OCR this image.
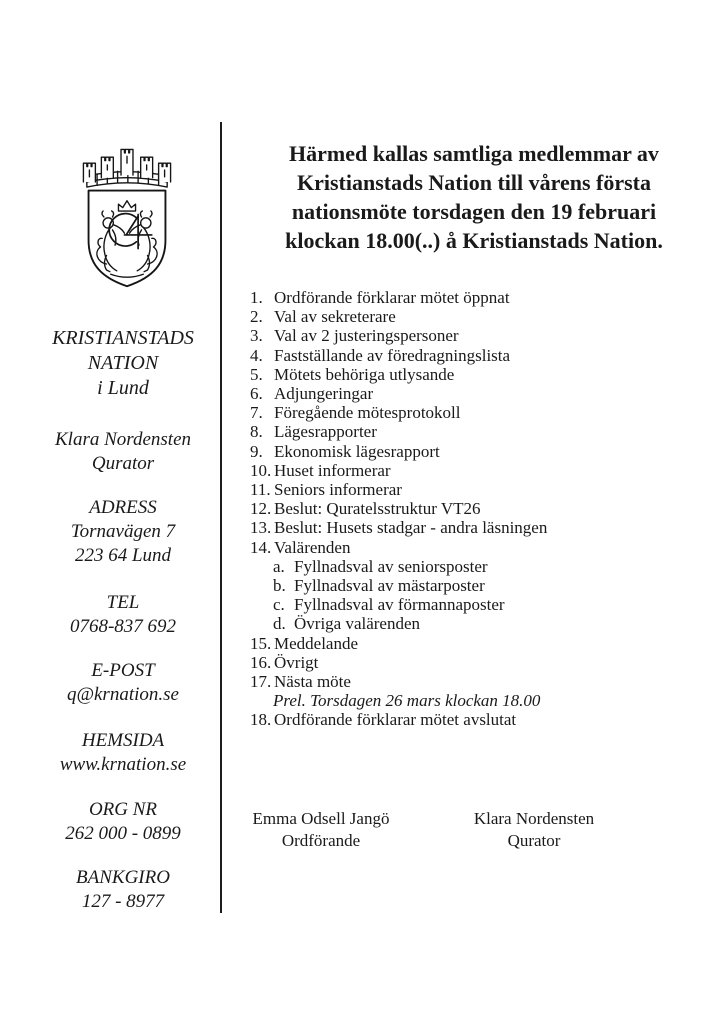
KRISTIANSTADS
NATION
i Lund
Klara Nordensten
Qurator
ADRESS
Tornavägen 7
223 64 Lund
TEL
0768-837 692
E-POST
q@krnation.se
HEMSIDA
www.krnation.se
ORG NR
262 000 - 0899
BANKGIRO
127 - 8977
Härmed kallas samtliga medlemmar av
Kristianstads Nation till vårens första
nationsmöte torsdagen den 19 februari
klockan 18.00(..) å Kristianstads Nation.
1. Ordförande förklarar mötet öppnat
2. Val av sekreterare
3. Val av 2 justeringspersoner
4. Fastställande av föredragningslista
5. Mötets behöriga utlysande
6. Adjungeringar
7. Föregående mötesprotokoll
8. Lägesrapporter
9. Ekonomisk lägesrapport
10. Huset informerar
11. Seniors informerar
12. Beslut: Quratelsstruktur VT26
13. Beslut: Husets stadgar - andra läsningen
14. Valärenden
a. Fyllnadsval av seniorsposter
b. Fyllnadsval av mästarposter
c. Fyllnadsval av förmannaposter
d. Övriga valärenden
15. Meddelande
16. Övrigt
17. Nästa möte
Prel. Torsdagen 26 mars klockan 18.00
18. Ordförande förklarar mötet avslutat
Emma Odsell Jangö
Ordförande
Klara Nordensten
Qurator
